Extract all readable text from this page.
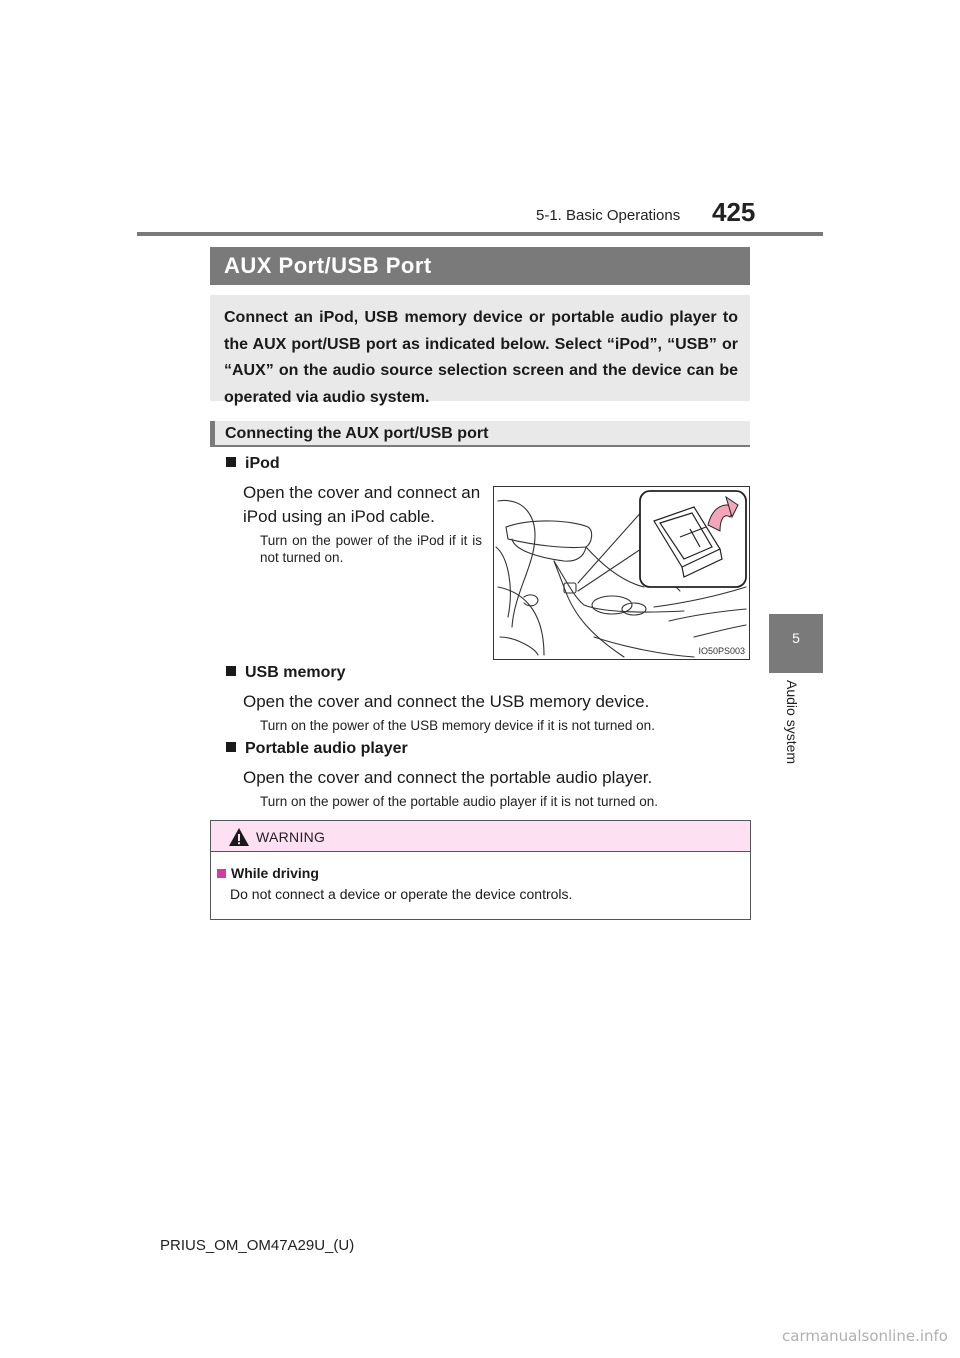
5-1. Basic Operations 425
5
Audio system
AUX Port/USB Port
Connect an iPod, USB memory device or portable audio player to the AUX port/USB port as indicated below. Select “iPod”, “USB” or “AUX” on the audio source selection screen and the device can be operated via audio system.
Connecting the AUX port/USB port
iPod
Open the cover and connect an iPod using an iPod cable.
Turn on the power of the iPod if it is not turned on.
IO50PS003
USB memory
Open the cover and connect the USB memory device.
Turn on the power of the USB memory device if it is not turned on.
Portable audio player
Open the cover and connect the portable audio player.
Turn on the power of the portable audio player if it is not turned on.
WARNING
While driving
Do not connect a device or operate the device controls.
PRIUS_OM_OM47A29U_(U)
carmanualsonline.info
